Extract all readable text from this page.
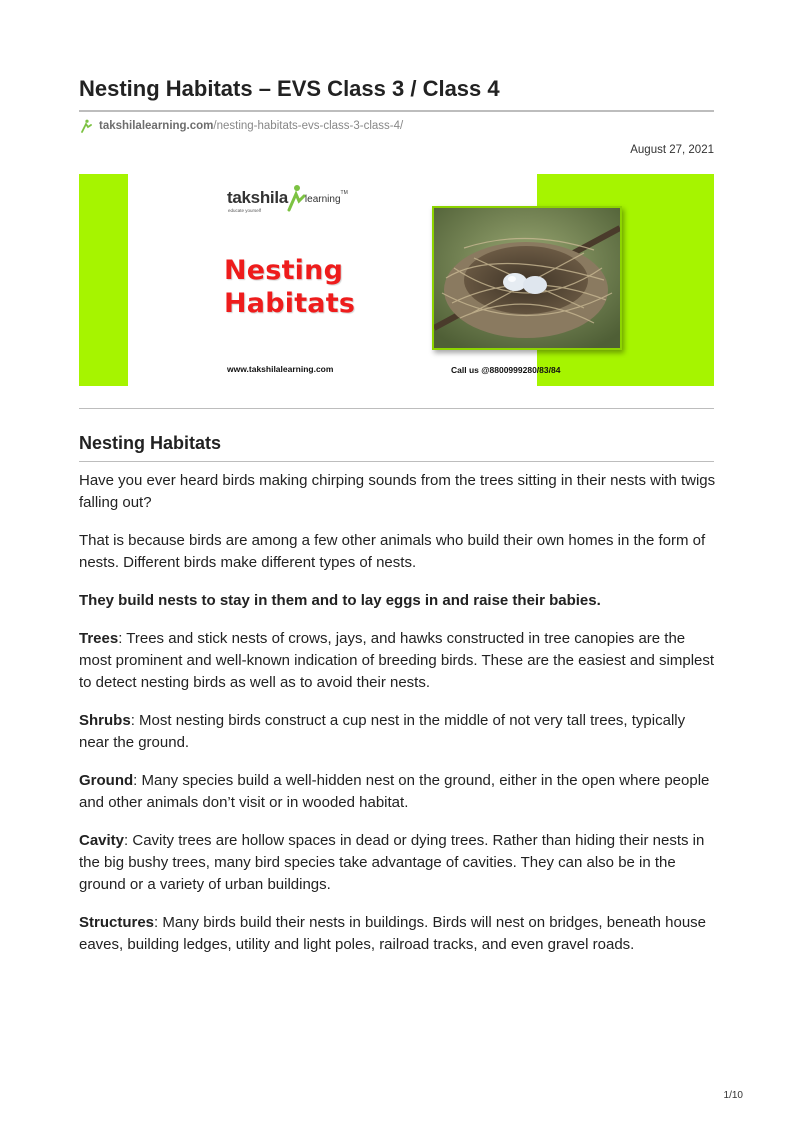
Nesting Habitats – EVS Class 3 / Class 4
takshilalearning.com /nesting-habitats-evs-class-3-class-4/
August 27, 2021
takshila learning
TM
educate yourself
Nesting
Habitats
www.takshilalearning.com	Call us @8800999280/83/84
Nesting Habitats

Have you ever heard birds making chirping sounds from the trees sitting in their nests with twigs falling out?

That is because birds are among a few other animals who build their own homes in the form of nests. Different birds make different types of nests.

They build nests to stay in them and to lay eggs in and raise their babies.

Trees: Trees and stick nests of crows, jays, and hawks constructed in tree canopies are the most prominent and well-known indication of breeding birds. These are the easiest and simplest to detect nesting birds as well as to avoid their nests.

Shrubs: Most nesting birds construct a cup nest in the middle of not very tall trees, typically near the ground.

Ground: Many species build a well-hidden nest on the ground, either in the open where people and other animals don’t visit or in wooded habitat.

Cavity: Cavity trees are hollow spaces in dead or dying trees. Rather than hiding their nests in the big bushy trees, many bird species take advantage of cavities. They can also be in the ground or a variety of urban buildings.

Structures: Many birds build their nests in buildings. Birds will nest on bridges, beneath house eaves, building ledges, utility and light poles, railroad tracks, and even gravel roads.

1/10
